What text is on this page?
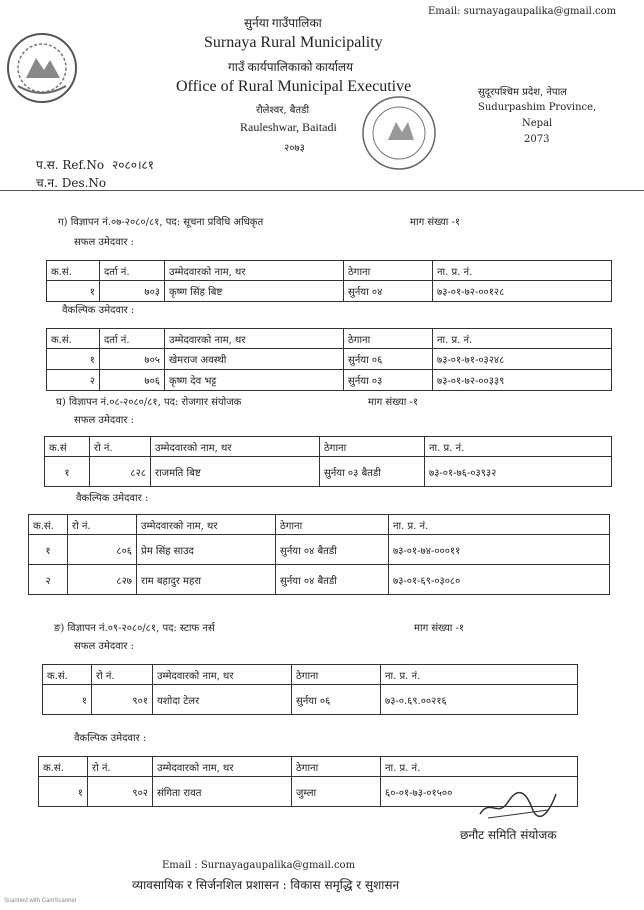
Email: surnayagaupalika@gmail.com
सुर्नया गाउँपालिका
Surnaya Rural Municipality
गाउँ कार्यपालिकाको कार्यालय
Office of Rural Municipal Executive
रौलेश्वर, बैतडी
Rauleshwar, Baitadi
२०७३
सुदूरपश्चिम प्रदेश, नेपाल
Sudurpashim Province,
Nepal
2073
प.स. Ref.No २०८०।८१
च.न. Des.No
ग) विज्ञापन नं.०७-२०८०/८१, पद: सूचना प्रविधि अधिकृत	माग संख्या -१
सफल उमेदवार :
क.सं.	दर्ता नं.	उम्मेदवारको नाम, थर	ठेगाना	ना. प्र. नं.
१	७०३	कृष्ण सिंह बिष्ट	सुर्नया ०४	७३-०१-७२-००१२८
वैकल्पिक उमेदवार :
क.सं.	दर्ता नं.	उम्मेदवारको नाम, थर	ठेगाना	ना. प्र. नं.
१	७०५	खेमराज अवस्थी	सुर्नया ०६	७३-०१-७१-०३२४८
२	७०६	कृष्ण देव भट्ट	सुर्नया ०३	७३-०१-७२-००३३९
घ) विज्ञापन नं.०८-२०८०/८१, पद: रोजगार संयोजक	माग संख्या -१
सफल उमेदवार :
क.सं	रो नं.	उम्मेदवारको नाम, थर	ठेगाना	ना. प्र. नं.
१	८२८	राजमति बिष्ट	सुर्नया ०३ बैतडी	७३-०१-७६-०३९३२
वैकल्पिक उमेदवार :
क.सं.	रो नं.	उम्मेदवारको नाम, थर	ठेगाना	ना. प्र. नं.
१	८०६	प्रेम सिंह साउद	सुर्नया ०४ बैतडी	७३-०१-७४-०००११
२	८२७	राम बहादुर महरा	सुर्नया ०४ बैतडी	७३-०१-६९-०३०८०
ङ) विज्ञापन नं.०९-२०८०/८१, पद: स्टाफ नर्स	माग संख्या -१
सफल उमेदवार :
क.सं.	रो नं.	उम्मेदवारको नाम, थर	ठेगाना	ना. प्र. नं.
१	९०१	यशोदा टेलर	सुर्नया ०६	७३-०.६९.००२१६
वैकल्पिक उमेदवार :
क.सं.	रो नं.	उम्मेदवारको नाम, थर	ठेगाना	ना. प्र. नं.
१	९०२	संगिता रावत	जुम्ला	६०-०१-७३-०१५००
छनौट समिति संयोजक
Email : Surnayagaupalika@gmail.com
व्यावसायिक र सिर्जनशिल प्रशासन : विकास समृद्धि र सुशासन
Scanned with CamScanner
